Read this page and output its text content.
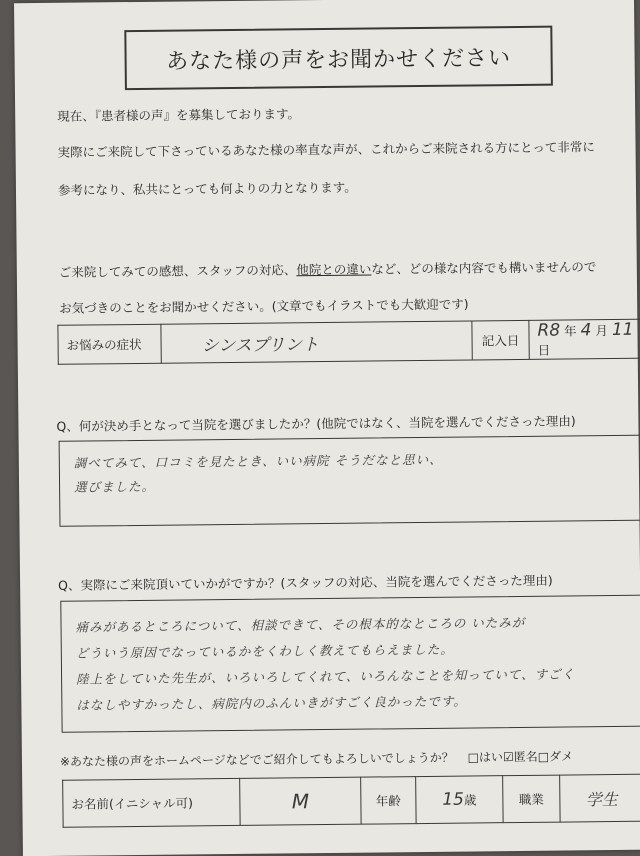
あなた様の声をお聞かせください
現在、『患者様の声』を募集しております。
実際にご来院して下さっているあなた様の率直な声が、これからご来院される方にとって非常に
参考になり、私共にとっても何よりの力となります。
ご来院してみての感想、スタッフの対応、他院との違いなど、どの様な内容でも構いませんので
お気づきのことをお聞かせください。(文章でもイラストでも大歓迎です)
お悩みの症状	シンスプリント	記入日	R8 年 4 月 11 日
Q、何が決め手となって当院を選びましたか？(他院ではなく、当院を選んでくださった理由)
調べてみて、口コミを見たとき、いい病院 そうだなと思い、
選びました。
Q、実際にご来院頂いていかがですか？(スタッフの対応、当院を選んでくださった理由)
痛みがあるところについて、相談できて、その根本的なところの いたみが
どういう原因でなっているかをくわしく教えてもらえました。
陸上をしていた先生が、いろいろしてくれて、いろんなことを知っていて、すごく
はなしやすかったし、病院内のふんいきがすごく良かったです。
※あなた様の声をホームページなどでご紹介してもよろしいでしょうか？ □はい☑匿名□ダメ
お名前(イニシャル可)	M	年齢	15歳	職業	学生
